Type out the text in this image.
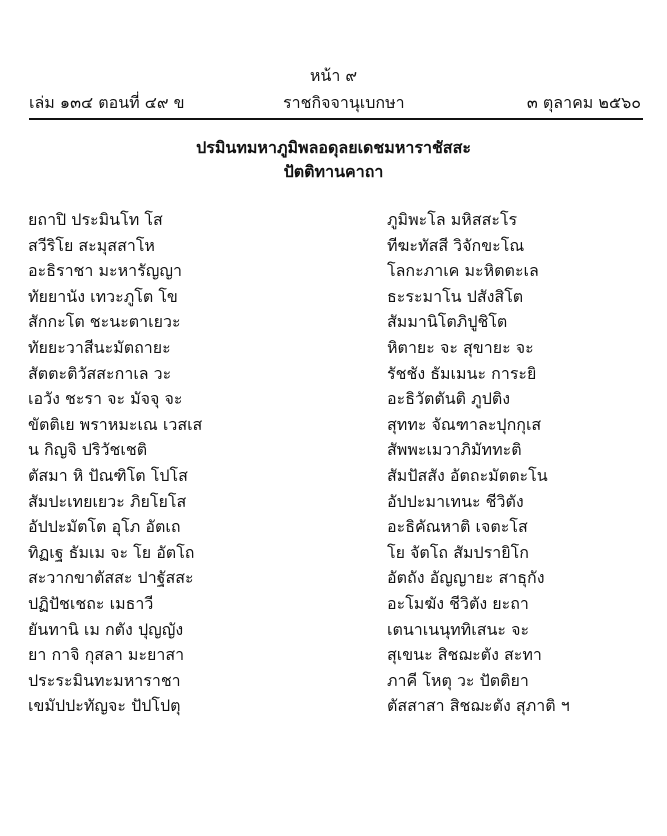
หน้า ๙
เล่ม ๑๓๔ ตอนที่ ๔๙ ข	ราชกิจจานุเบกษา	๓ ตุลาคม ๒๕๖๐
ปรมินทมหาภูมิพลอดุลยเดชมหาราชัสสะ
ปัตติทานคาถา
ยถาปิ ประมินโท โส	ภูมิพะโล มหิสสะโร
สวีริโย สะมุสสาโห	ทีฆะทัสสี วิจักขะโณ
อะธิราชา มะหารัญญา	โลกะภาเค มะหิตตะเล
ทัยยานัง เทวะภูโต โข	ธะระมาโน ปสังสิโต
สักกะโต ชะนะตาเยวะ	สัมมานิโตภิปูชิโต
ทัยยะวาสีนะมัตถายะ	หิตายะ จะ สุขายะ จะ
สัตตะติวัสสะกาเล วะ	รัชชัง ธัมเมนะ การะยิ
เอวัง ชะรา จะ มัจจุ จะ	อะธิวัตตันติ ภูปติง
ขัตติเย พราหมะเณ เวสเส	สุททะ จัณฑาละปุกกุเส
น กิญจิ ปริวัชเชติ	สัพพะเมวาภิมัททะติ
ตัสมา หิ ปัณฑิโต โปโส	สัมปัสสัง อัตถะมัตตะโน
สัมปะเทยเยวะ ภิยโยโส	อัปปะมาเทนะ ชีวิตัง
อัปปะมัตโต อุโภ อัตเถ	อะธิคัณหาติ เจตะโส
ทิฏเฐ ธัมเม จะ โย อัตโถ	โย จัตโถ สัมปรายิโก
สะวากขาตัสสะ ปาฐัสสะ	อัตถัง อัญญายะ สาธุกัง
ปฏิปัชเชถะ เมธาวี	อะโมฆัง ชีวิตัง ยะถา
ยันทานิ เม กตัง ปุญญัง	เตนาเนนุททิเสนะ จะ
ยา กาจิ กุสลา มะยาสา	สุเขนะ สิชฌะตัง สะทา
ประระมินทะมหาราชา	ภาคี โหตุ วะ ปัตติยา
เขมัปปะทัญจะ ปัปโปตุ	ตัสสาสา สิชฌะตัง สุภาติ ฯ
